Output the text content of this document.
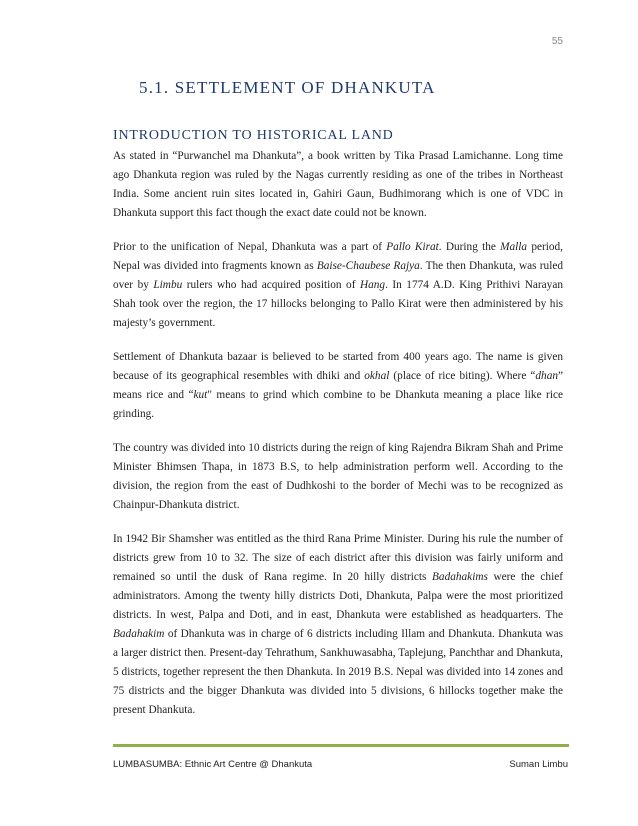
55
5.1. SETTLEMENT OF DHANKUTA
INTRODUCTION TO HISTORICAL LAND

As stated in “Purwanchel ma Dhankuta”, a book written by Tika Prasad Lamichanne. Long time ago Dhankuta region was ruled by the Nagas currently residing as one of the tribes in Northeast India. Some ancient ruin sites located in, Gahiri Gaun, Budhimorang which is one of VDC in Dhankuta support this fact though the exact date could not be known.

Prior to the unification of Nepal, Dhankuta was a part of Pallo Kirat. During the Malla period, Nepal was divided into fragments known as Baise-Chaubese Rajya. The then Dhankuta, was ruled over by Limbu rulers who had acquired position of Hang. In 1774 A.D. King Prithivi Narayan Shah took over the region, the 17 hillocks belonging to Pallo Kirat were then administered by his majesty’s government.

Settlement of Dhankuta bazaar is believed to be started from 400 years ago. The name is given because of its geographical resembles with dhiki and okhal (place of rice biting). Where “dhan” means rice and “kut" means to grind which combine to be Dhankuta meaning a place like rice grinding.

The country was divided into 10 districts during the reign of king Rajendra Bikram Shah and Prime Minister Bhimsen Thapa, in 1873 B.S, to help administration perform well. According to the division, the region from the east of Dudhkoshi to the border of Mechi was to be recognized as Chainpur-Dhankuta district.

In 1942 Bir Shamsher was entitled as the third Rana Prime Minister. During his rule the number of districts grew from 10 to 32. The size of each district after this division was fairly uniform and remained so until the dusk of Rana regime. In 20 hilly districts Badahakims were the chief administrators. Among the twenty hilly districts Doti, Dhankuta, Palpa were the most prioritized districts. In west, Palpa and Doti, and in east, Dhankuta were established as headquarters. The Badahakim of Dhankuta was in charge of 6 districts including Illam and Dhankuta. Dhankuta was a larger district then. Present-day Tehrathum, Sankhuwasabha, Taplejung, Panchthar and Dhankuta, 5 districts, together represent the then Dhankuta. In 2019 B.S. Nepal was divided into 14 zones and 75 districts and the bigger Dhankuta was divided into 5 divisions, 6 hillocks together make the present Dhankuta.

LUMBASUMBA: Ethnic Art Centre @ Dhankuta	Suman Limbu
